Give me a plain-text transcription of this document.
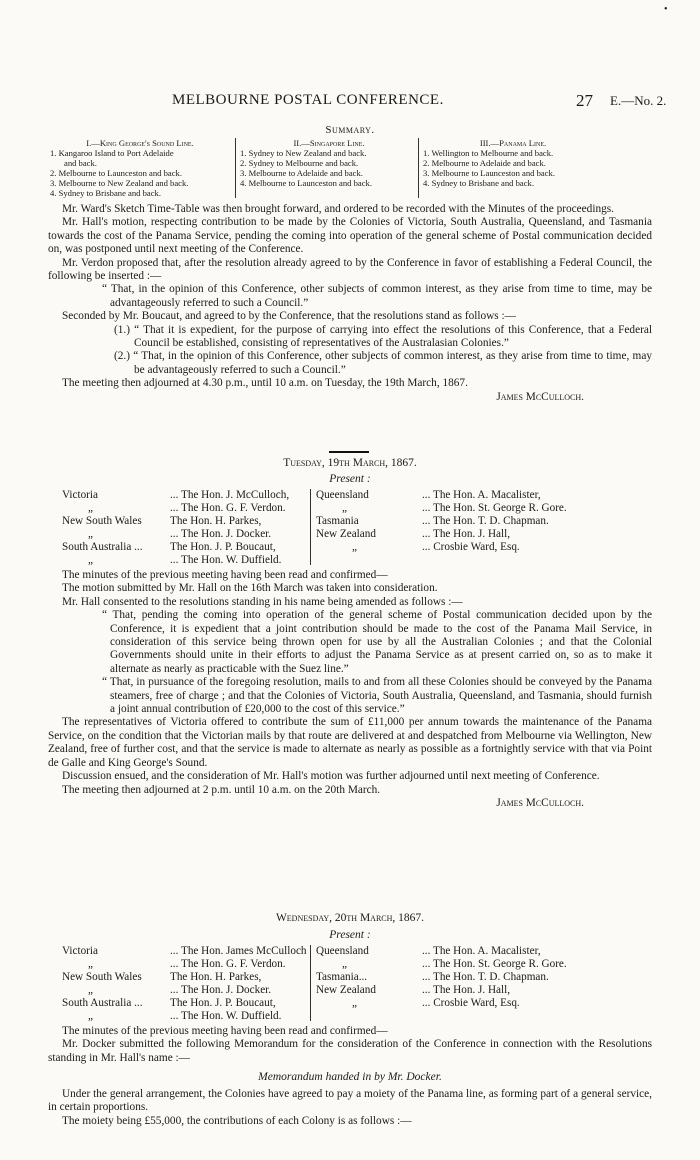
•
MELBOURNE POSTAL CONFERENCE.	27 E.—No. 2.
Summary.
I.—King George's Sound Line.
1. Kangaroo Island to Port Adelaide
and back.
2. Melbourne to Launceston and back.
3. Melbourne to New Zealand and back.
4. Sydney to Brisbane and back.
II.—Singapore Line.
1. Sydney to New Zealand and back.
2. Sydney to Melbourne and back.
3. Melbourne to Adelaide and back.
4. Melbourne to Launceston and back.
III.—Panama Line.
1. Wellington to Melbourne and back.
2. Melbourne to Adelaide and back.
3. Melbourne to Launceston and back.
4. Sydney to Brisbane and back.

Mr. Ward's Sketch Time-Table was then brought forward, and ordered to be recorded with the Minutes of the proceedings.

Mr. Hall's motion, respecting contribution to be made by the Colonies of Victoria, South Australia, Queensland, and Tasmania towards the cost of the Panama Service, pending the coming into operation of the general scheme of Postal communication decided on, was postponed until next meeting of the Conference.

Mr. Verdon proposed that, after the resolution already agreed to by the Conference in favor of establishing a Federal Council, the following be inserted :—

“ That, in the opinion of this Conference, other subjects of common interest, as they arise from time to time, may be advantageously referred to such a Council.”

Seconded by Mr. Boucaut, and agreed to by the Conference, that the resolutions stand as follows :—

(1.) “ That it is expedient, for the purpose of carrying into effect the resolutions of this Conference, that a Federal Council be established, consisting of representatives of the Australasian Colonies.”

(2.) “ That, in the opinion of this Conference, other subjects of common interest, as they arise from time to time, may be advantageously referred to such a Council.”

The meeting then adjourned at 4.30 p.m., until 10 a.m. on Tuesday, the 19th March, 1867.

James McCulloch.

Tuesday, 19th March, 1867.
Present :
Victoria	... The Hon. J. McCulloch, Queensland	... The Hon. A. Macalister,
„	... The Hon. G. F. Verdon.	„	... The Hon. St. George R. Gore.
New South Wales	The Hon. H. Parkes,	Tasmania	... The Hon. T. D. Chapman.
„	... The Hon. J. Docker.	New Zealand	... The Hon. J. Hall,
South Australia ... The Hon. J. P. Boucaut,	„	... Crosbie Ward, Esq.
„	... The Hon. W. Duffield.

The minutes of the previous meeting having been read and confirmed—

The motion submitted by Mr. Hall on the 16th March was taken into consideration.

Mr. Hall consented to the resolutions standing in his name being amended as follows :—

“ That, pending the coming into operation of the general scheme of Postal communication decided upon by the Conference, it is expedient that a joint contribution should be made to the cost of the Panama Mail Service, in consideration of this service being thrown open for use by all the Australian Colonies ; and that the Colonial Governments should unite in their efforts to adjust the Panama Service as at present carried on, so as to make it alternate as nearly as practicable with the Suez line.”

“ That, in pursuance of the foregoing resolution, mails to and from all these Colonies should be conveyed by the Panama steamers, free of charge ; and that the Colonies of Victoria, South Australia, Queensland, and Tasmania, should furnish a joint annual contribution of £20,000 to the cost of this service.”

The representatives of Victoria offered to contribute the sum of £11,000 per annum towards the maintenance of the Panama Service, on the condition that the Victorian mails by that route are delivered at and despatched from Melbourne via Wellington, New Zealand, free of further cost, and that the service is made to alternate as nearly as possible as a fortnightly service with that via Point de Galle and King George's Sound.

Discussion ensued, and the consideration of Mr. Hall's motion was further adjourned until next meeting of Conference.

The meeting then adjourned at 2 p.m. until 10 a.m. on the 20th March.

James McCulloch.

Wednesday, 20th March, 1867.
Present :
Victoria	... The Hon. James McCulloch Queensland	... The Hon. A. Macalister,
„	... The Hon. G. F. Verdon.	„	... The Hon. St. George R. Gore.
New South Wales	The Hon. H. Parkes,	Tasmania...	... The Hon. T. D. Chapman.
„	... The Hon. J. Docker.	New Zealand	... The Hon. J. Hall,
South Australia ... The Hon. J. P. Boucaut,	„	... Crosbie Ward, Esq.
„	... The Hon. W. Duffield.

The minutes of the previous meeting having been read and confirmed—

Mr. Docker submitted the following Memorandum for the consideration of the Conference in connection with the Resolutions standing in Mr. Hall's name :—

Memorandum handed in by Mr. Docker.

Under the general arrangement, the Colonies have agreed to pay a moiety of the Panama line, as forming part of a general service, in certain proportions.

The moiety being £55,000, the contributions of each Colony is as follows :—
